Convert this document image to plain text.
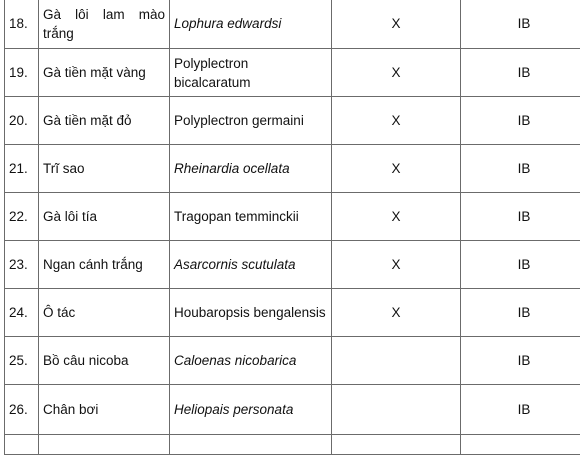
18.	Gà lôi lam mào trắng	Lophura edwardsi	X	IB
19.	Gà tiền mặt vàng	Polyplectron bicalcaratum	X	IB
20.	Gà tiền mặt đỏ	Polyplectron germaini	X	IB
21.	Trĩ sao	Rheinardia ocellata	X	IB
22.	Gà lôi tía	Tragopan temminckii	X	IB
23.	Ngan cánh trắng	Asarcornis scutulata	X	IB
24.	Ô tác	Houbaropsis bengalensis	X	IB
25.	Bồ câu nicoba	Caloenas nicobarica		IB
26.	Chân bơi	Heliopais personata		IB
